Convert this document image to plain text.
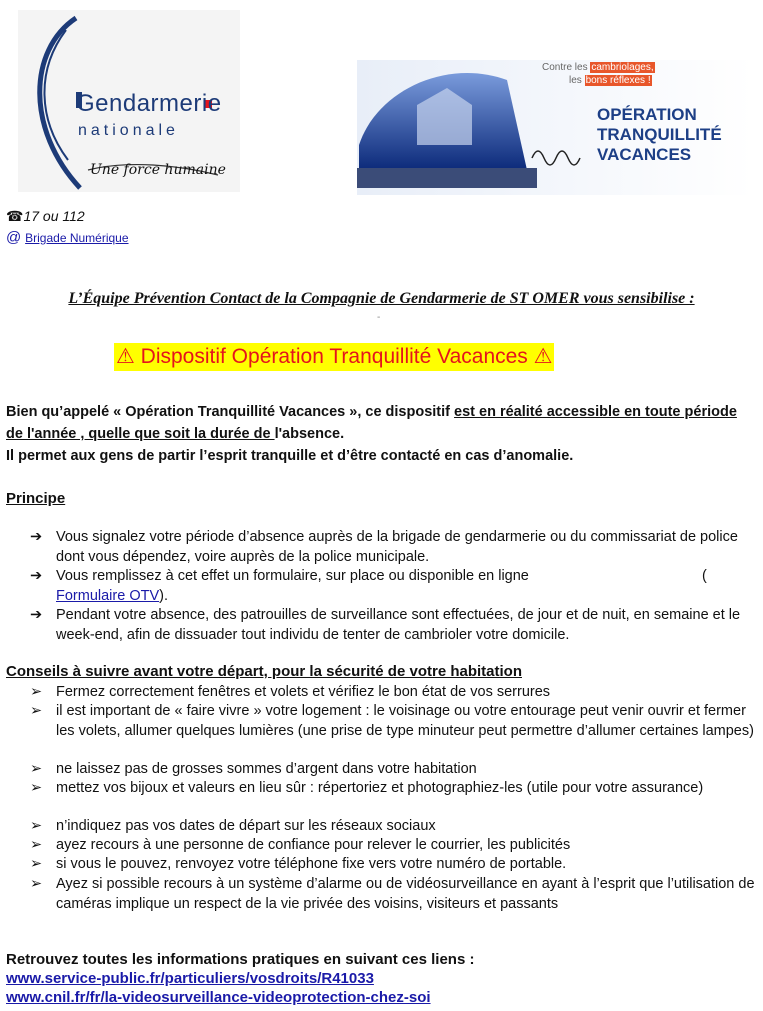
Gendarmerie
nationale
Une force humaine
Contre les cambriolages,
les bons réflexes !
OPÉRATION
TRANQUILLITÉ
VACANCES
☎17 ou 112
@ Brigade Numérique
L’Équipe Prévention Contact de la Compagnie de Gendarmerie de ST OMER vous sensibilise :
-
⚠ Dispositif Opération Tranquillité Vacances ⚠
Bien qu’appelé « Opération Tranquillité Vacances », ce dispositif est en réalité accessible en toute période de l'année , quelle que soit la durée de l'absence.
Il permet aux gens de partir l’esprit tranquille et d’être contacté en cas d’anomalie.
Principe
➔ Vous signalez votre période d’absence auprès de la brigade de gendarmerie ou du commissariat de police dont vous dépendez, voire auprès de la police municipale.
➔ Vous remplissez à cet effet un formulaire, sur place ou disponible en ligne	(

Formulaire OTV).
➔ Pendant votre absence, des patrouilles de surveillance sont effectuées, de jour et de nuit, en semaine et le week-end, afin de dissuader tout individu de tenter de cambrioler votre domicile.
Conseils à suivre avant votre départ, pour la sécurité de votre habitation
➢ Fermez correctement fenêtres et volets et vérifiez le bon état de vos serrures
➢ il est important de « faire vivre » votre logement : le voisinage ou votre entourage peut venir ouvrir et fermer les volets, allumer quelques lumières (une prise de type minuteur peut permettre d’allumer certaines lampes)
➢ ne laissez pas de grosses sommes d’argent dans votre habitation
➢ mettez vos bijoux et valeurs en lieu sûr : répertoriez et photographiez-les (utile pour votre assurance)
➢ n’indiquez pas vos dates de départ sur les réseaux sociaux
➢ ayez recours à une personne de confiance pour relever le courrier, les publicités
➢ si vous le pouvez, renvoyez votre téléphone fixe vers votre numéro de portable.
➢ Ayez si possible recours à un système d’alarme ou de vidéosurveillance en ayant à l’esprit que l’utilisation de caméras implique un respect de la vie privée des voisins, visiteurs et passants
Retrouvez toutes les informations pratiques en suivant ces liens :
www.service-public.fr/particuliers/vosdroits/R41033
www.cnil.fr/fr/la-videosurveillance-videoprotection-chez-soi
